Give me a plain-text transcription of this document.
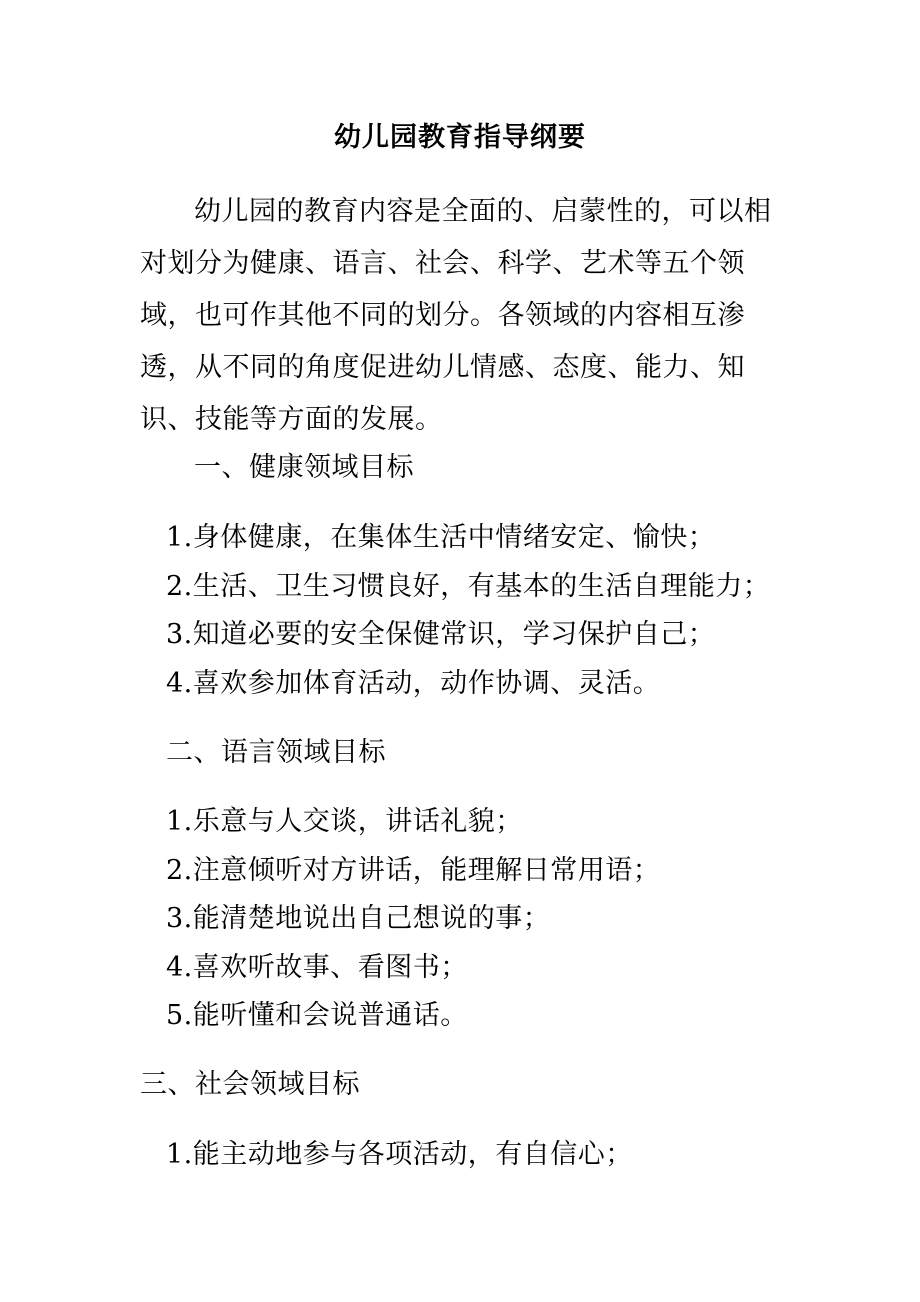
幼儿园教育指导纲要

幼儿园的教育内容是全面的、启蒙性的，可以相对划分为健康、语言、社会、科学、艺术等五个领域，也可作其他不同的划分。各领域的内容相互渗透，从不同的角度促进幼儿情感、态度、能力、知识、技能等方面的发展。

一、健康领域目标

1.身体健康，在集体生活中情绪安定、愉快；

2.生活、卫生习惯良好，有基本的生活自理能力；

3.知道必要的安全保健常识，学习保护自己；

4.喜欢参加体育活动，动作协调、灵活。

二、语言领域目标

1.乐意与人交谈，讲话礼貌；

2.注意倾听对方讲话，能理解日常用语；

3.能清楚地说出自己想说的事；

4.喜欢听故事、看图书；

5.能听懂和会说普通话。

三、社会领域目标

1.能主动地参与各项活动，有自信心；
